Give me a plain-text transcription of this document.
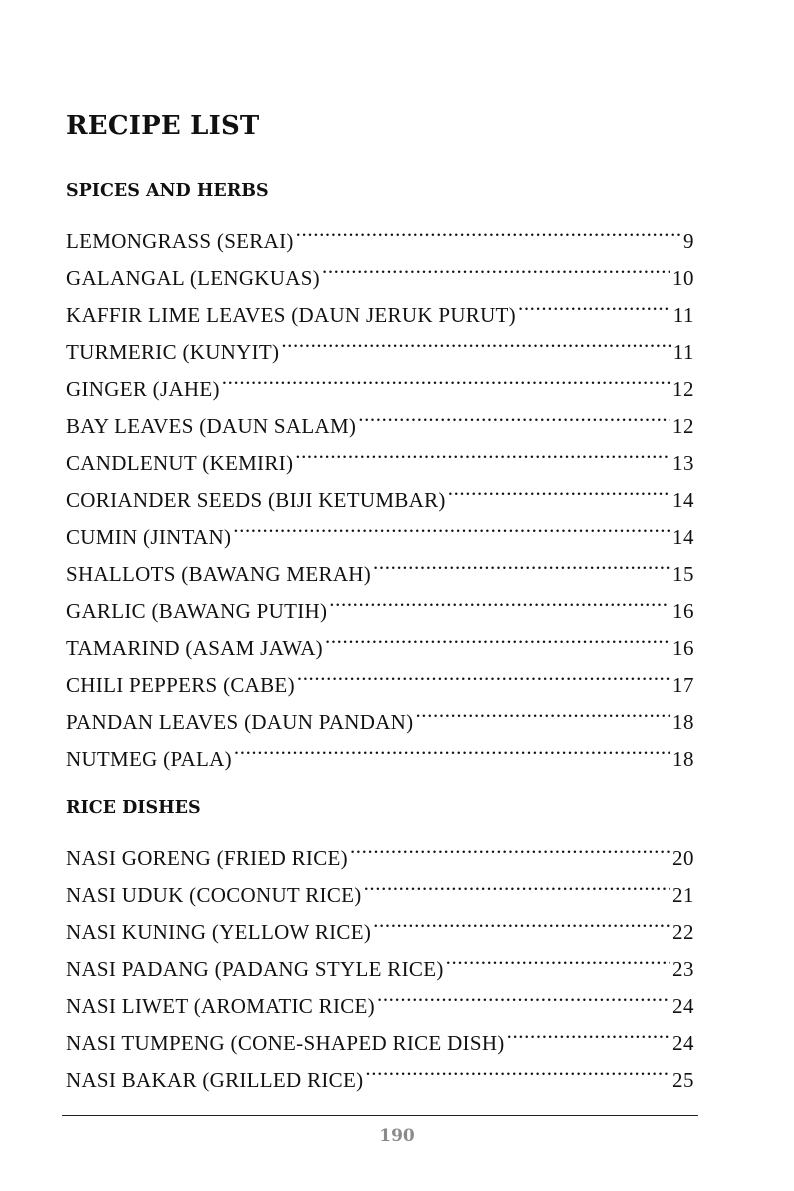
RECIPE LIST
SPICES AND HERBS
LEMONGRASS (SERAI) .....	9
GALANGAL (LENGKUAS) .....	10
KAFFIR LIME LEAVES (DAUN JERUK PURUT) .....	11
TURMERIC (KUNYIT) .....	11
GINGER (JAHE) .....	12
BAY LEAVES (DAUN SALAM) .....	12
CANDLENUT (KEMIRI) .....	13
CORIANDER SEEDS (BIJI KETUMBAR) .....	14
CUMIN (JINTAN) .....	14
SHALLOTS (BAWANG MERAH) .....	15
GARLIC (BAWANG PUTIH) .....	16
TAMARIND (ASAM JAWA) .....	16
CHILI PEPPERS (CABE) .....	17
PANDAN LEAVES (DAUN PANDAN) .....	18
NUTMEG (PALA) .....	18
RICE DISHES
NASI GORENG (FRIED RICE) .....	20
NASI UDUK (COCONUT RICE) .....	21
NASI KUNING (YELLOW RICE) .....	22
NASI PADANG (PADANG STYLE RICE) .....	23
NASI LIWET (AROMATIC RICE) .....	24
NASI TUMPENG (CONE-SHAPED RICE DISH) .....	24
NASI BAKAR (GRILLED RICE) .....	25
190
